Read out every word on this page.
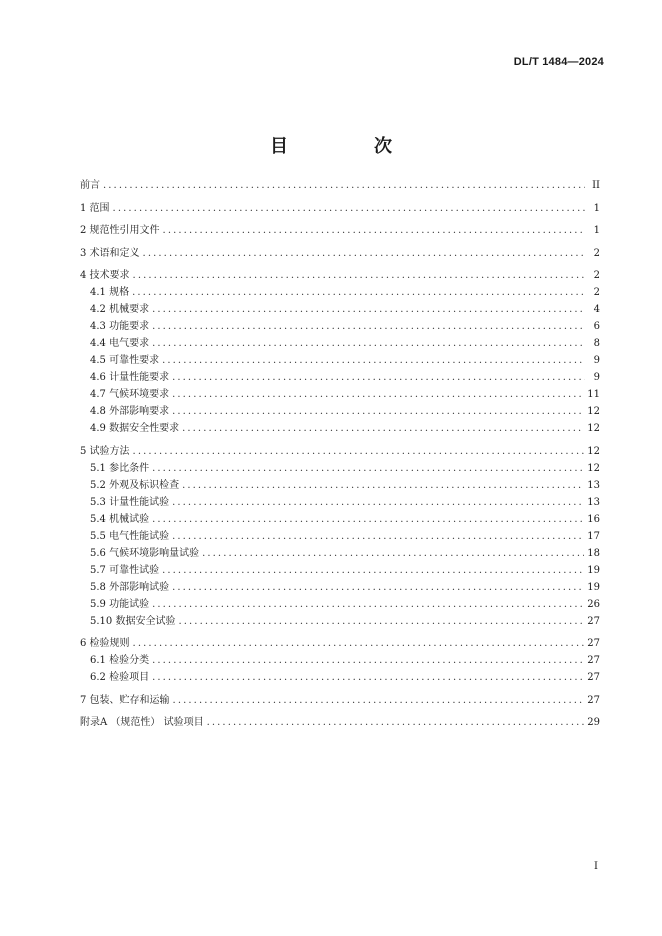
DL/T 1484—2024
目　次
前言 .....	II
1 范围 .....	1
2 规范性引用文件 .....	1
3 术语和定义 .....	2
4 技术要求 .....	2
4.1 规格 .....	2
4.2 机械要求 .....	4
4.3 功能要求 .....	6
4.4 电气要求 .....	8
4.5 可靠性要求 .....	9
4.6 计量性能要求 .....	9
4.7 气候环境要求 .....	11
4.8 外部影响要求 .....	12
4.9 数据安全性要求 .....	12
5 试验方法 .....	12
5.1 参比条件 .....	12
5.2 外观及标识检查 .....	13
5.3 计量性能试验 .....	13
5.4 机械试验 .....	16
5.5 电气性能试验 .....	17
5.6 气候环境影响量试验 .....	18
5.7 可靠性试验 .....	19
5.8 外部影响试验 .....	19
5.9 功能试验 .....	26
5.10 数据安全试验 .....	27
6 检验规则 .....	27
6.1 检验分类 .....	27
6.2 检验项目 .....	27
7 包装、贮存和运输 .....	27
附录A （规范性） 试验项目 .....	29
I
